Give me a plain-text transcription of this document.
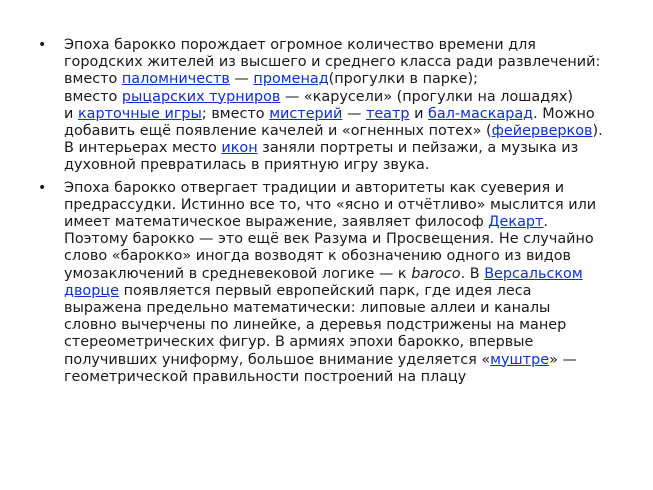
• Эпоха барокко порождает огромное количество времени для городских жителей из высшего и среднего класса ради развлечений: вместо паломничеств — променад(прогулки в парке);
вместо рыцарских турниров — «карусели» (прогулки на лошадях)
и карточные игры; вместо мистерий — театр и бал-маскарад. Можно добавить ещё появление качелей и «огненных потех» (фейерверков). В интерьерах место икон заняли портреты и пейзажи, а музыка из духовной превратилась в приятную игру звука.
• Эпоха барокко отвергает традиции и авторитеты как суеверия и предрассудки. Истинно все то, что «ясно и отчётливо» мыслится или имеет математическое выражение, заявляет философ Декарт. Поэтому барокко — это ещё век Разума и Просвещения. Не случайно слово «барокко» иногда возводят к обозначению одного из видов умозаключений в средневековой логике — к baroco. В Версальском дворце появляется первый европейский парк, где идея леса выражена предельно математически: липовые аллеи и каналы словно вычерчены по линейке, а деревья подстрижены на манер стереометрических фигур. В армиях эпохи барокко, впервые получивших униформу, большое внимание уделяется «муштре» — геометрической правильности построений на плацу
